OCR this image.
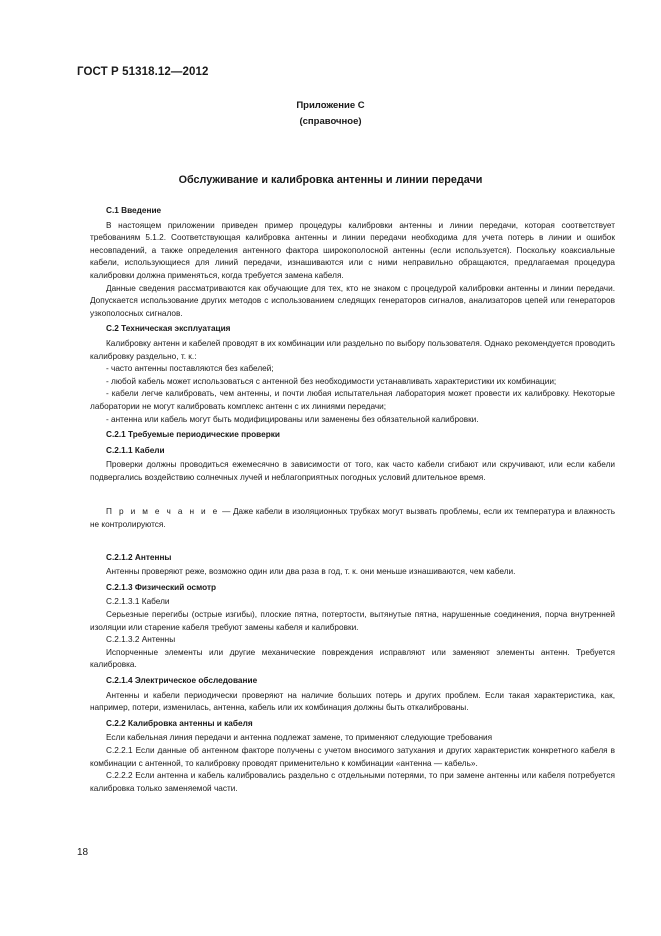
ГОСТ Р 51318.12—2012
Приложение С
(справочное)
Обслуживание и калибровка антенны и линии передачи

С.1 Введение

В настоящем приложении приведен пример процедуры калибровки антенны и линии передачи, которая соответствует требованиям 5.1.2. Соответствующая калибровка антенны и линии передачи необходима для учета потерь в линии и ошибок несовпадений, а также определения антенного фактора широкополосной антенны (если используется). Поскольку коаксиальные кабели, использующиеся для линий передачи, изнашиваются или с ними неправильно обращаются, предлагаемая процедура калибровки должна применяться, когда требуется замена кабеля.

Данные сведения рассматриваются как обучающие для тех, кто не знаком с процедурой калибровки антенны и линии передачи. Допускается использование других методов с использованием следящих генераторов сигналов, анализаторов цепей или генераторов узкополосных сигналов.

С.2 Техническая эксплуатация

Калибровку антенн и кабелей проводят в их комбинации или раздельно по выбору пользователя. Однако рекомендуется проводить калибровку раздельно, т. к.:

- часто антенны поставляются без кабелей;

- любой кабель может использоваться с антенной без необходимости устанавливать характеристики их комбинации;

- кабели легче калибровать, чем антенны, и почти любая испытательная лаборатория может провести их калибровку. Некоторые лаборатории не могут калибровать комплекс антенн с их линиями передачи;

- антенна или кабель могут быть модифицированы или заменены без обязательной калибровки.

С.2.1 Требуемые периодические проверки

С.2.1.1 Кабели

Проверки должны проводиться ежемесячно в зависимости от того, как часто кабели сгибают или скручивают, или если кабели подвергались воздействию солнечных лучей и неблагоприятных погодных условий длительное время.

П р и м е ч а н и е — Даже кабели в изоляционных трубках могут вызвать проблемы, если их температура и влажность не контролируются.

С.2.1.2 Антенны

Антенны проверяют реже, возможно один или два раза в год, т. к. они меньше изнашиваются, чем кабели.

С.2.1.3 Физический осмотр

С.2.1.3.1 Кабели

Серьезные перегибы (острые изгибы), плоские пятна, потертости, вытянутые пятна, нарушенные соединения, порча внутренней изоляции или старение кабеля требуют замены кабеля и калибровки.

С.2.1.3.2 Антенны

Испорченные элементы или другие механические повреждения исправляют или заменяют элементы антенн. Требуется калибровка.

С.2.1.4 Электрическое обследование

Антенны и кабели периодически проверяют на наличие больших потерь и других проблем. Если такая характеристика, как, например, потери, изменилась, антенна, кабель или их комбинация должны быть откалиброваны.

С.2.2 Калибровка антенны и кабеля

Если кабельная линия передачи и антенна подлежат замене, то применяют следующие требования

С.2.2.1 Если данные об антенном факторе получены с учетом вносимого затухания и других характеристик конкретного кабеля в комбинации с антенной, то калибровку проводят применительно к комбинации «антенна — кабель».

С.2.2.2 Если антенна и кабель калибровались раздельно с отдельными потерями, то при замене антенны или кабеля потребуется калибровка только заменяемой части.

18
